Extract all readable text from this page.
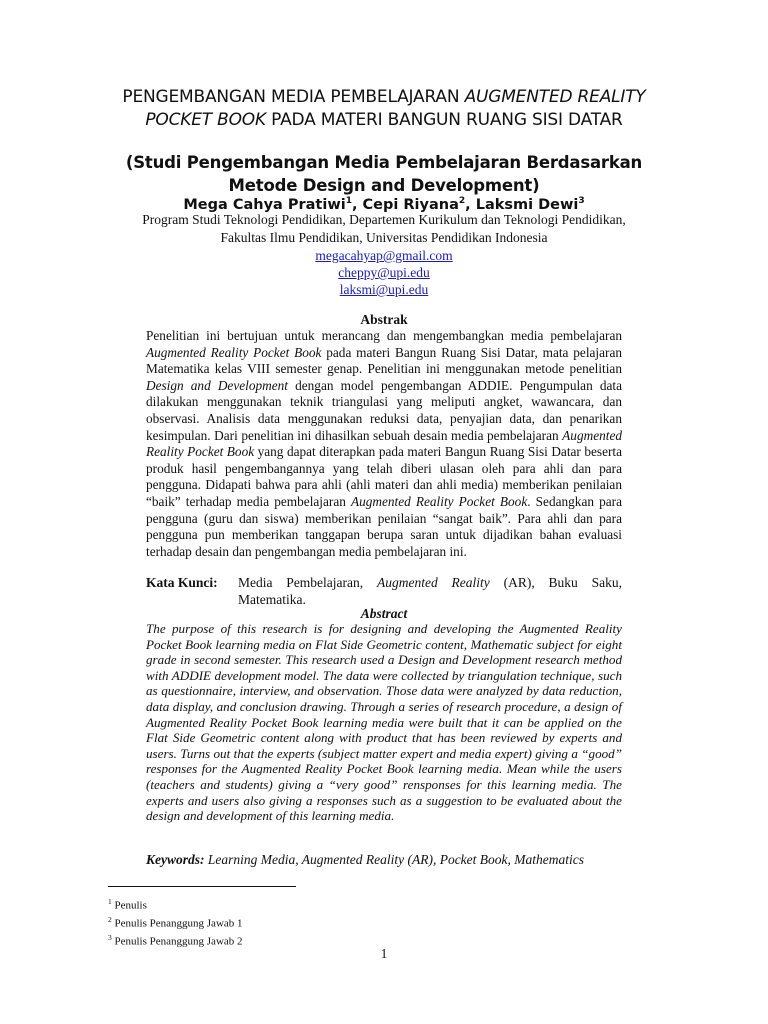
PENGEMBANGAN MEDIA PEMBELAJARAN AUGMENTED REALITY POCKET BOOK PADA MATERI BANGUN RUANG SISI DATAR
(Studi Pengembangan Media Pembelajaran Berdasarkan Metode Design and Development)
Mega Cahya Pratiwi$^1$, Cepi Riyana$^2$, Laksmi Dewi$^3$
Program Studi Teknologi Pendidikan, Departemen Kurikulum dan Teknologi Pendidikan, Fakultas Ilmu Pendidikan, Universitas Pendidikan Indonesia
megacahyap@gmail.com
cheppy@upi.edu
laksmi@upi.edu
Abstrak
Penelitian ini bertujuan untuk merancang dan mengembangkan media pembelajaran Augmented Reality Pocket Book pada materi Bangun Ruang Sisi Datar, mata pelajaran Matematika kelas VIII semester genap. Penelitian ini menggunakan metode penelitian Design and Development dengan model pengembangan ADDIE. Pengumpulan data dilakukan menggunakan teknik triangulasi yang meliputi angket, wawancara, dan observasi. Analisis data menggunakan reduksi data, penyajian data, dan penarikan kesimpulan. Dari penelitian ini dihasilkan sebuah desain media pembelajaran Augmented Reality Pocket Book yang dapat diterapkan pada materi Bangun Ruang Sisi Datar beserta produk hasil pengembangannya yang telah diberi ulasan oleh para ahli dan para pengguna. Didapati bahwa para ahli (ahli materi dan ahli media) memberikan penilaian “baik” terhadap media pembelajaran Augmented Reality Pocket Book. Sedangkan para pengguna (guru dan siswa) memberikan penilaian “sangat baik”. Para ahli dan para pengguna pun memberikan tanggapan berupa saran untuk dijadikan bahan evaluasi terhadap desain dan pengembangan media pembelajaran ini.
Kata Kunci:	Media Pembelajaran, Augmented Reality (AR), Buku Saku, Matematika.
Abstract
The purpose of this research is for designing and developing the Augmented Reality Pocket Book learning media on Flat Side Geometric content, Mathematic subject for eight grade in second semester. This research used a Design and Development research method with ADDIE development model. The data were collected by triangulation technique, such as questionnaire, interview, and observation. Those data were analyzed by data reduction, data display, and conclusion drawing. Through a series of research procedure, a design of Augmented Reality Pocket Book learning media were built that it can be applied on the Flat Side Geometric content along with product that has been reviewed by experts and users. Turns out that the experts (subject matter expert and media expert) giving a “good” responses for the Augmented Reality Pocket Book learning media. Mean while the users (teachers and students) giving a “very good” rensponses for this learning media. The experts and users also giving a responses such as a suggestion to be evaluated about the design and development of this learning media.
Keywords: Learning Media, Augmented Reality (AR), Pocket Book, Mathematics
$^1$ Penulis
$^2$ Penulis Penanggung Jawab 1
$^3$ Penulis Penanggung Jawab 2
1
